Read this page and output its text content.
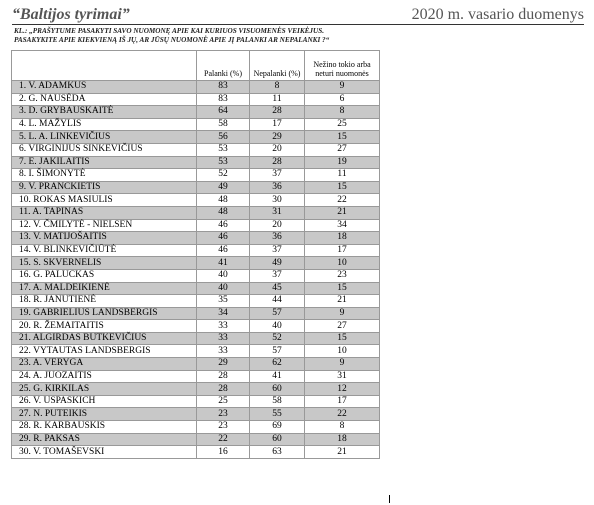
“Baltijos tyrimai”	2020 m. vasario duomenys
KL.: „PRAŠYTUME PASAKYTI SAVO NUOMONĘ APIE KAI KURIUOS VISUOMENĖS VEIKĖJUS.
PASAKYKITE APIE KIEKVIENĄ IŠ JŲ, AR JŪSŲ NUOMONĖ APIE JĮ PALANKI AR NEPALANKI ?“
	Palanki (%)	Nepalanki (%)	Nežino tokio arba neturi nuomonės
1. V. ADAMKUS	83	8	9
2. G. NAUSĖDA	83	11	6
3. D. GRYBAUSKAITĖ	64	28	8
4. L. MAŽYLIS	58	17	25
5. L. A. LINKEVIČIUS	56	29	15
6. VIRGINIJUS SINKEVIČIUS	53	20	27
7. E. JAKILAITIS	53	28	19
8. I. ŠIMONYTĖ	52	37	11
9. V. PRANCKIETIS	49	36	15
10. ROKAS MASIULIS	48	30	22
11. A. TAPINAS	48	31	21
12. V. ČMILYTĖ - NIELSEN	46	20	34
13. V. MATIJOŠAITIS	46	36	18
14. V. BLINKEVIČIŪTĖ	46	37	17
15. S. SKVERNELIS	41	49	10
16. G. PALUCKAS	40	37	23
17. A. MALDEIKIENĖ	40	45	15
18. R. JANUTIENĖ	35	44	21
19. GABRIELIUS LANDSBERGIS	34	57	9
20. R. ŽEMAITAITIS	33	40	27
21. ALGIRDAS BUTKEVIČIUS	33	52	15
22. VYTAUTAS LANDSBERGIS	33	57	10
23. A. VERYGA	29	62	9
24. A. JUOZAITIS	28	41	31
25. G. KIRKILAS	28	60	12
26. V. USPASKICH	25	58	17
27. N. PUTEIKIS	23	55	22
28. R. KARBAUSKIS	23	69	8
29. R. PAKSAS	22	60	18
30. V. TOMAŠEVSKI	16	63	21
